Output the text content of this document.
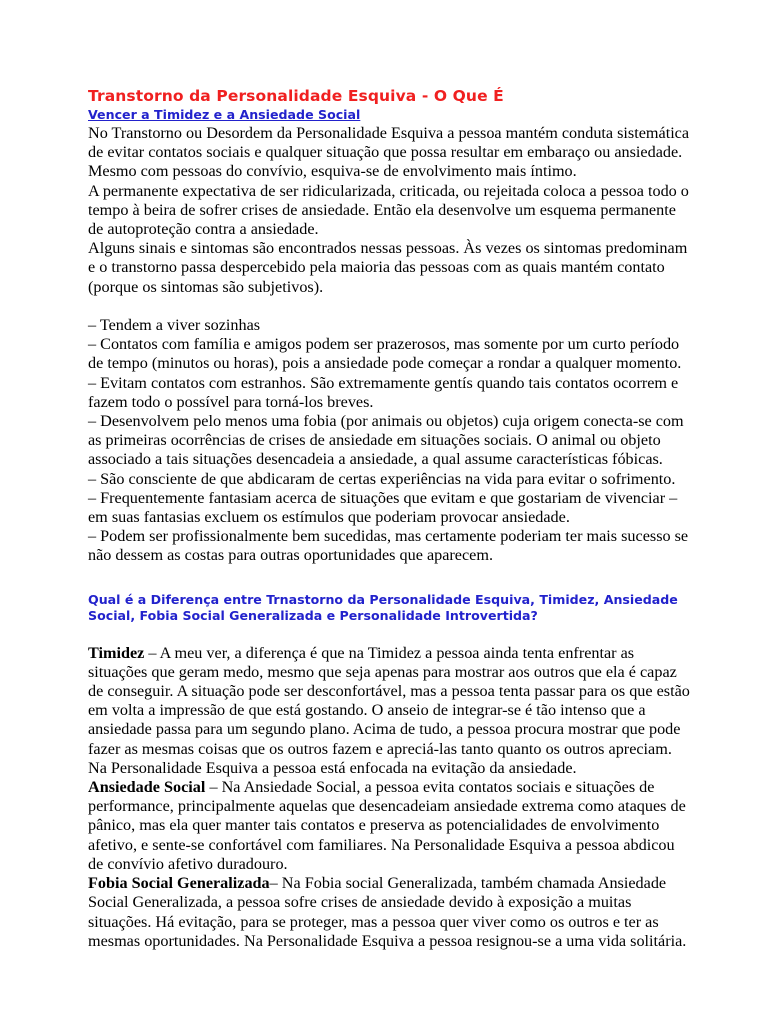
Transtorno da Personalidade Esquiva - O Que É
Vencer a Timidez e a Ansiedade Social

No Transtorno ou Desordem da Personalidade Esquiva a pessoa mantém conduta sistemática de evitar contatos sociais e qualquer situação que possa resultar em embaraço ou ansiedade. Mesmo com pessoas do convívio, esquiva-se de envolvimento mais íntimo.

A permanente expectativa de ser ridicularizada, criticada, ou rejeitada coloca a pessoa todo o tempo à beira de sofrer crises de ansiedade. Então ela desenvolve um esquema permanente de autoproteção contra a ansiedade.

Alguns sinais e sintomas são encontrados nessas pessoas. Às vezes os sintomas predominam e o transtorno passa despercebido pela maioria das pessoas com as quais mantém contato (porque os sintomas são subjetivos).

– Tendem a viver sozinhas

– Contatos com família e amigos podem ser prazerosos, mas somente por um curto período de tempo (minutos ou horas), pois a ansiedade pode começar a rondar a qualquer momento.

– Evitam contatos com estranhos. São extremamente gentís quando tais contatos ocorrem e fazem todo o possível para torná-los breves.

– Desenvolvem pelo menos uma fobia (por animais ou objetos) cuja origem conecta-se com as primeiras ocorrências de crises de ansiedade em situações sociais. O animal ou objeto associado a tais situações desencadeia a ansiedade, a qual assume características fóbicas.

– São consciente de que abdicaram de certas experiências na vida para evitar o sofrimento.

– Frequentemente fantasiam acerca de situações que evitam e que gostariam de vivenciar – em suas fantasias excluem os estímulos que poderiam provocar ansiedade.

– Podem ser profissionalmente bem sucedidas, mas certamente poderiam ter mais sucesso se não dessem as costas para outras oportunidades que aparecem.

Qual é a Diferença entre Trnastorno da Personalidade Esquiva, Timidez, Ansiedade Social, Fobia Social Generalizada e Personalidade Introvertida?

Timidez – A meu ver, a diferença é que na Timidez a pessoa ainda tenta enfrentar as situações que geram medo, mesmo que seja apenas para mostrar aos outros que ela é capaz de conseguir. A situação pode ser desconfortável, mas a pessoa tenta passar para os que estão em volta a impressão de que está gostando. O anseio de integrar-se é tão intenso que a ansiedade passa para um segundo plano. Acima de tudo, a pessoa procura mostrar que pode fazer as mesmas coisas que os outros fazem e apreciá-las tanto quanto os outros apreciam. Na Personalidade Esquiva a pessoa está enfocada na evitação da ansiedade.

Ansiedade Social – Na Ansiedade Social, a pessoa evita contatos sociais e situações de performance, principalmente aquelas que desencadeiam ansiedade extrema como ataques de pânico, mas ela quer manter tais contatos e preserva as potencialidades de envolvimento afetivo, e sente-se confortável com familiares. Na Personalidade Esquiva a pessoa abdicou de convívio afetivo duradouro.

Fobia Social Generalizada– Na Fobia social Generalizada, também chamada Ansiedade Social Generalizada, a pessoa sofre crises de ansiedade devido à exposição a muitas situações. Há evitação, para se proteger, mas a pessoa quer viver como os outros e ter as mesmas oportunidades. Na Personalidade Esquiva a pessoa resignou-se a uma vida solitária.
